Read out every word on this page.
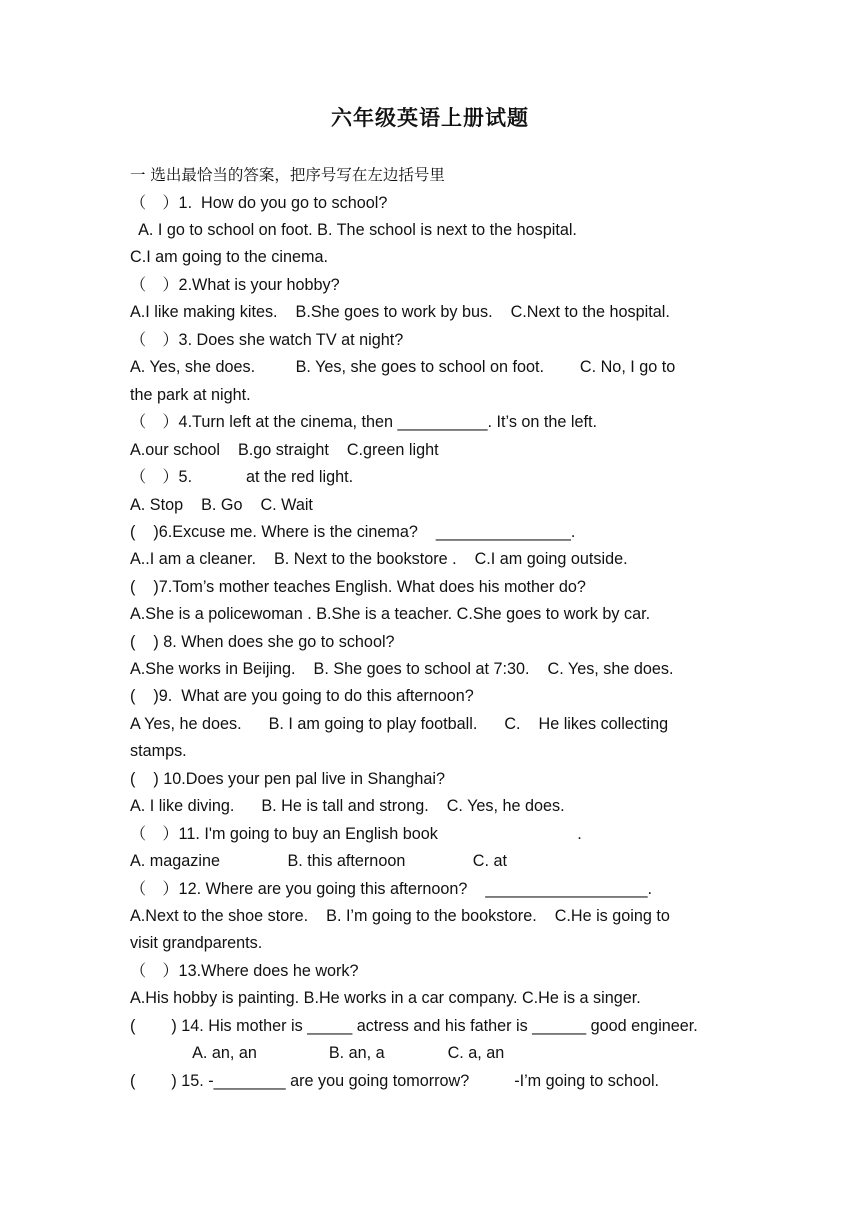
六年级英语上册试题
一 选出最恰当的答案，把序号写在左边括号里
（　）1.  How do you go to school?
A. I go to school on foot. B. The school is next to the hospital.
C.I am going to the cinema.
（　）2.What is your hobby?
A.I like making kites.    B.She goes to work by bus.    C.Next to the hospital.
（　）3. Does she watch TV at night?
A. Yes, she does.         B. Yes, she goes to school on foot.        C. No, I go to
the park at night.
（　）4.Turn left at the cinema, then __________. It’s on the left.
A.our school    B.go straight    C.green light
（　）5.            at the red light.
A. Stop    B. Go    C. Wait
(    )6.Excuse me. Where is the cinema?    _______________.
A..I am a cleaner.    B. Next to the bookstore .    C.I am going outside.
(    )7.Tom’s mother teaches English. What does his mother do?
A.She is a policewoman . B.She is a teacher. C.She goes to work by car.
(    ) 8. When does she go to school?
A.She works in Beijing.    B. She goes to school at 7:30.    C. Yes, she does.
(    )9.  What are you going to do this afternoon?
A Yes, he does.      B. I am going to play football.      C.    He likes collecting
stamps.
A. I like diving.      B. He is tall and strong.    C. Yes, he does.
(    ) 10.Does your pen pal live in Shanghai?
（　）11. I'm going to buy an English book                               .
A. magazine               B. this afternoon               C. at
（　）12. Where are you going this afternoon?    __________________.
A.Next to the shoe store.    B. I’m going to the bookstore.    C.He is going to
visit grandparents.
（　）13.Where does he work?
A.His hobby is painting. B.He works in a car company. C.He is a singer.
(        ) 14. His mother is _____ actress and his father is ______ good engineer.
A. an, an                B. an, a              C. a, an
(        ) 15. -________ are you going tomorrow?          -I’m going to school.
